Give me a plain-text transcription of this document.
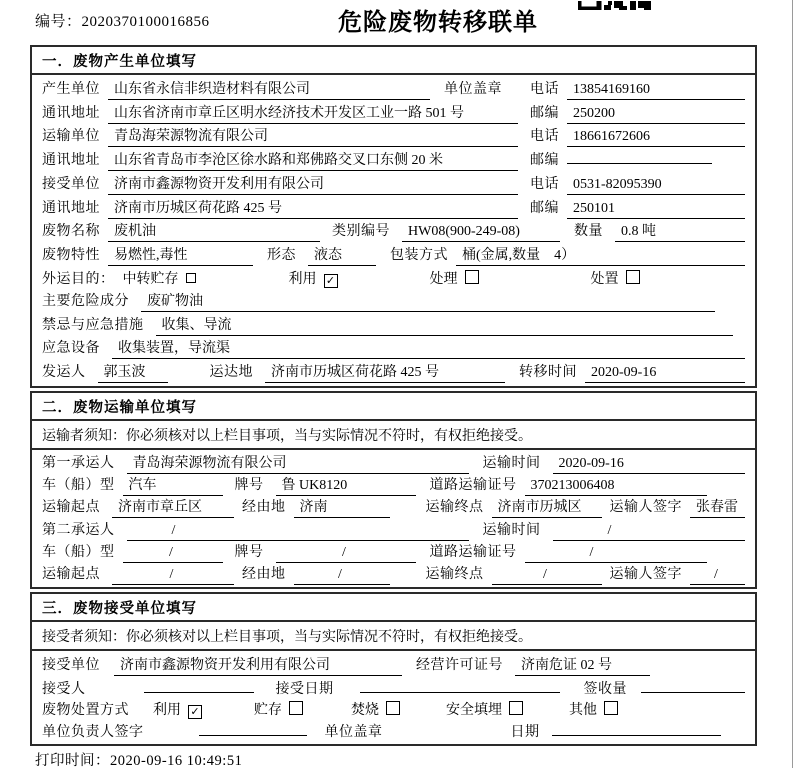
编号：2020370100016856	危险废物转移联单
一．废物产生单位填写
产生单位	山东省永信非织造材料有限公司	单位盖章 电话	13854169160
通讯地址	山东省济南市章丘区明水经济技术开发区工业一路 501 号	邮编	250200
运输单位	青岛海荣源物流有限公司	电话	18661672606
通讯地址	山东省青岛市李沧区徐水路和郑佛路交叉口东侧 20 米	邮编
接受单位	济南市鑫源物资开发利用有限公司	电话	0531-82095390
通讯地址	济南市历城区荷花路 425 号	邮编	250101
废物名称	废机油	类别编号	HW08(900-249-08)	数量	0.8 吨
废物特性	易燃性,毒性	形态	液态	包装方式	桶(金属,数量　4）
外运目的： 中转贮存	利用 ✓	处理	处置
主要危险成分	废矿物油
禁忌与应急措施	收集、导流
应急设备	收集装置，导流渠
发运人	郭玉波	运达地	济南市历城区荷花路 425 号	转移时间	2020-09-16
二．废物运输单位填写
运输者须知：你必须核对以上栏目事项，当与实际情况不符时，有权拒绝接受。
第一承运人	青岛海荣源物流有限公司	运输时间	2020-09-16
车（船）型	汽车	牌号	鲁 UK8120	道路运输证号	370213006408
运输起点	济南市章丘区	经由地	济南	运输终点	济南市历城区	运输人签字	张春雷
第二承运人	/	运输时间	/
车（船）型	/	牌号	/	道路运输证号	/
运输起点	/	经由地	/	运输终点	/	运输人签字	/
三．废物接受单位填写
接受者须知：你必须核对以上栏目事项，当与实际情况不符时，有权拒绝接受。
接受单位	济南市鑫源物资开发利用有限公司	经营许可证号	济南危证 02 号
接受人	接受日期	签收量
废物处置方式 利用 ✓	贮存	焚烧	安全填埋	其他
单位负责人签字	单位盖章	日期
打印时间：2020-09-16 10:49:51
